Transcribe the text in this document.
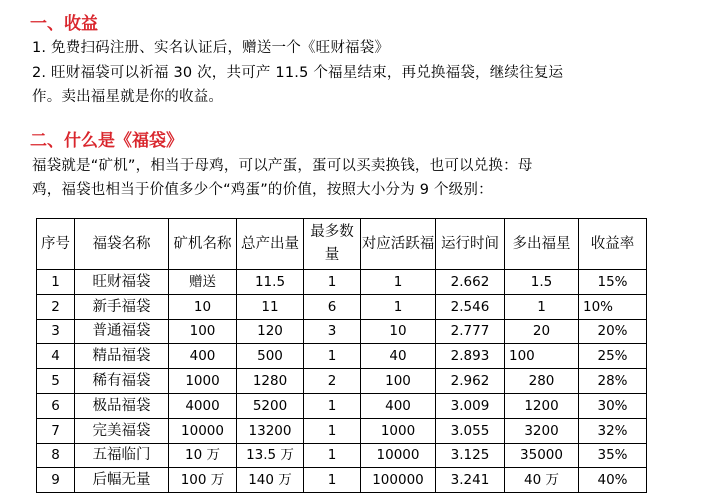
一、收益
1. 免费扫码注册、实名认证后，赠送一个《旺财福袋》
2. 旺财福袋可以祈福 30 次，共可产 11.5 个福星结束，再兑换福袋，继续往复运
作。卖出福星就是你的收益。
二、什么是《福袋》
福袋就是“矿机”，相当于母鸡，可以产蛋，蛋可以买卖换钱，也可以兑换：母
鸡，福袋也相当于价值多少个“鸡蛋”的价值，按照大小分为 9 个级别：
序号	福袋名称	矿机名称	总产出量	最多数量	对应活跃福	运行时间	多出福星	收益率
1	旺财福袋	赠送	11.5	1	1	2.662	1.5	15%
2	新手福袋	10	11	6	1	2.546	1	10%
3	普通福袋	100	120	3	10	2.777	20	20%
4	精品福袋	400	500	1	40	2.893	100	25%
5	稀有福袋	1000	1280	2	100	2.962	280	28%
6	极品福袋	4000	5200	1	400	3.009	1200	30%
7	完美福袋	10000	13200	1	1000	3.055	3200	32%
8	五福临门	10 万	13.5 万	1	10000	3.125	35000	35%
9	后幅无量	100 万	140 万	1	100000	3.241	40 万	40%
